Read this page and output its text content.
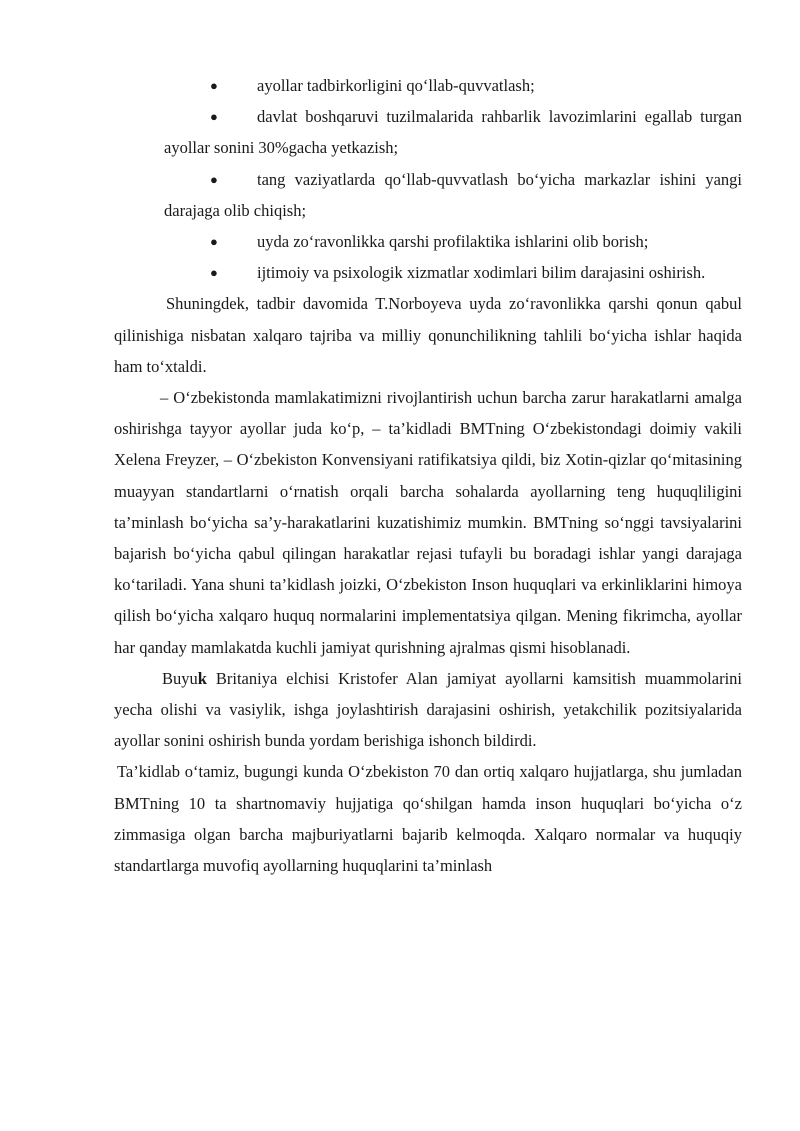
● ayollar tadbirkorligini qo‘llab-quvvatlash;
● davlat boshqaruvi tuzilmalarida rahbarlik lavozimlarini egallab turgan ayollar sonini 30%gacha yetkazish;
● tang vaziyatlarda qo‘llab-quvvatlash bo‘yicha markazlar ishini yangi darajaga olib chiqish;
● uyda zo‘ravonlikka qarshi profilaktika ishlarini olib borish;
● ijtimoiy va psixologik xizmatlar xodimlari bilim darajasini oshirish.

Shuningdek, tadbir davomida T.Norboyeva uyda zo‘ravonlikka qarshi qonun qabul qilinishiga nisbatan xalqaro tajriba va milliy qonunchilikning tahlili bo‘yicha ishlar haqida ham to‘xtaldi.

– O‘zbekistonda mamlakatimizni rivojlantirish uchun barcha zarur harakatlarni amalga oshirishga tayyor ayollar juda ko‘p, – ta’kidladi BMTning O‘zbekistondagi doimiy vakili Xelena Freyzer, – O‘zbekiston Konvensiyani ratifikatsiya qildi, biz Xotin-qizlar qo‘mitasining muayyan standartlarni o‘rnatish orqali barcha sohalarda ayollarning teng huquqliligini ta’minlash bo‘yicha sa’y-harakatlarini kuzatishimiz mumkin. BMTning so‘nggi tavsiyalarini bajarish bo‘yicha qabul qilingan harakatlar rejasi tufayli bu boradagi ishlar yangi darajaga ko‘tariladi. Yana shuni ta’kidlash joizki, O‘zbekiston Inson huquqlari va erkinliklarini himoya qilish bo‘yicha xalqaro huquq normalarini implementatsiya qilgan. Mening fikrimcha, ayollar har qanday mamlakatda kuchli jamiyat qurishning ajralmas qismi hisoblanadi.

Buyuk Britaniya elchisi Kristofer Alan jamiyat ayollarni kamsitish muammolarini yecha olishi va vasiylik, ishga joylashtirish darajasini oshirish, yetakchilik pozitsiyalarida ayollar sonini oshirish bunda yordam berishiga ishonch bildirdi.

Ta’kidlab o‘tamiz, bugungi kunda O‘zbekiston 70 dan ortiq xalqaro hujjatlarga, shu jumladan BMTning 10 ta shartnomaviy hujjatiga qo‘shilgan hamda inson huquqlari bo‘yicha o‘z zimmasiga olgan barcha majburiyatlarni bajarib kelmoqda. Xalqaro normalar va huquqiy standartlarga muvofiq ayollarning huquqlarini ta’minlash
